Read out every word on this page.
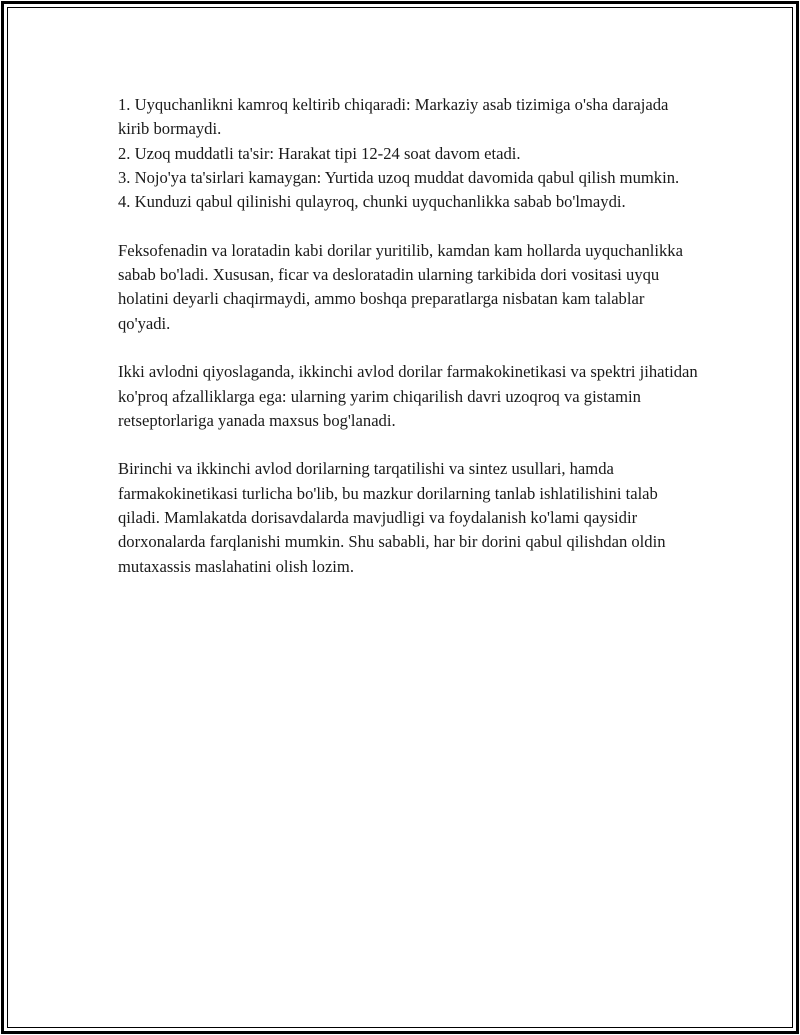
1. Uyquchanlikni kamroq keltirib chiqaradi: Markaziy asab tizimiga o'sha darajada kirib bormaydi.
2. Uzoq muddatli ta'sir: Harakat tipi 12-24 soat davom etadi.
3. Nojo'ya ta'sirlari kamaygan: Yurtida uzoq muddat davomida qabul qilish mumkin.
4. Kunduzi qabul qilinishi qulayroq, chunki uyquchanlikka sabab bo'lmaydi.

Feksofenadin va loratadin kabi dorilar yuritilib, kamdan kam hollarda uyquchanlikka sabab bo'ladi. Xususan, ficar va desloratadin ularning tarkibida dori vositasi uyqu holatini deyarli chaqirmaydi, ammo boshqa preparatlarga nisbatan kam talablar qo'yadi.

Ikki avlodni qiyoslaganda, ikkinchi avlod dorilar farmakokinetikasi va spektri jihatidan ko'proq afzalliklarga ega: ularning yarim chiqarilish davri uzoqroq va gistamin retseptorlariga yanada maxsus bog'lanadi.

Birinchi va ikkinchi avlod dorilarning tarqatilishi va sintez usullari, hamda farmakokinetikasi turlicha bo'lib, bu mazkur dorilarning tanlab ishlatilishini talab qiladi. Mamlakatda dorisavdalarda mavjudligi va foydalanish ko'lami qaysidir dorxonalarda farqlanishi mumkin. Shu sababli, har bir dorini qabul qilishdan oldin mutaxassis maslahatini olish lozim.
